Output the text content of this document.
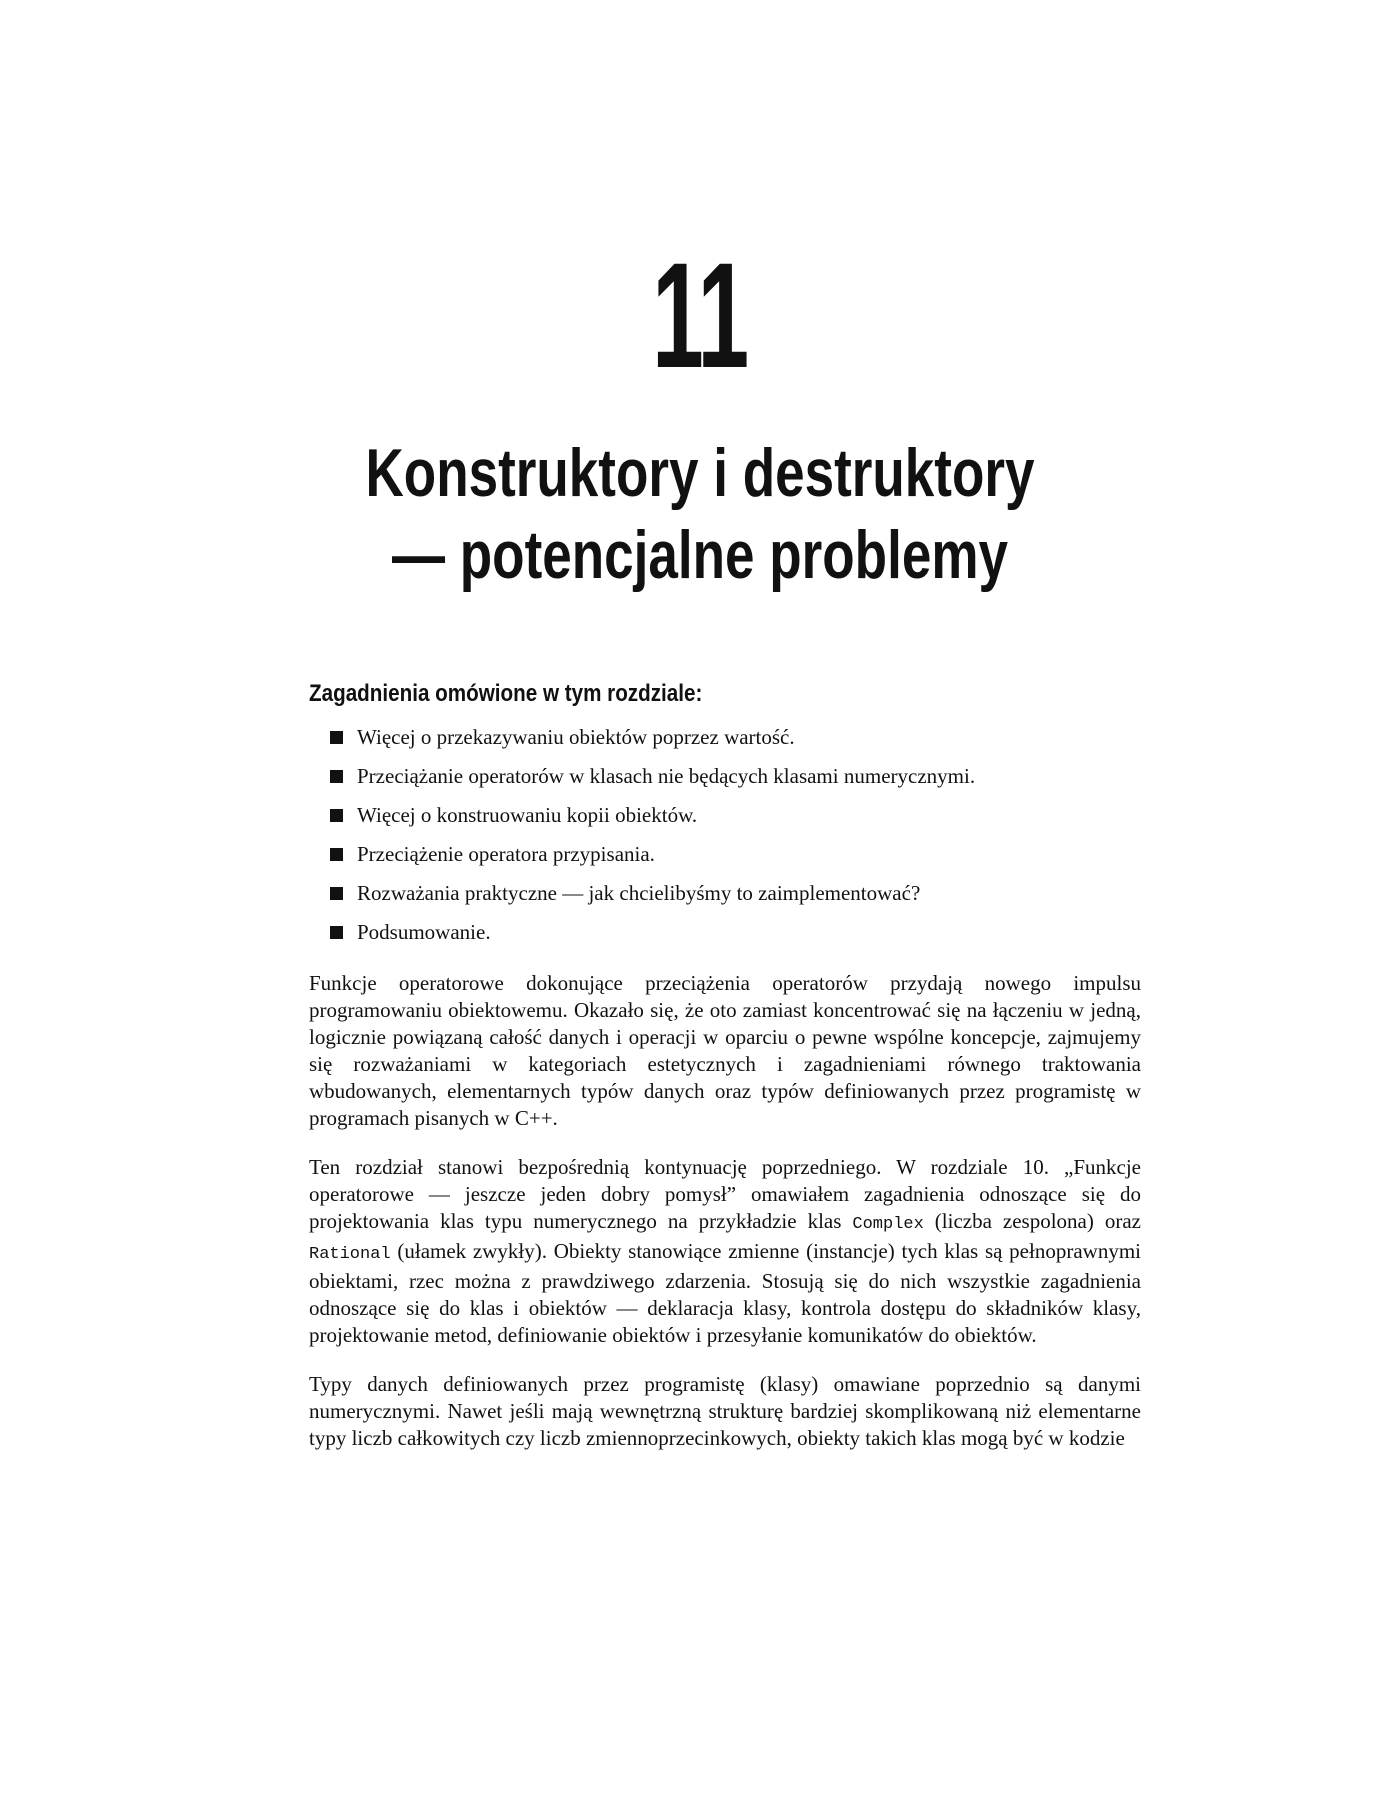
11
Konstruktory i destruktory
— potencjalne problemy
Zagadnienia omówione w tym rozdziale:
Więcej o przekazywaniu obiektów poprzez wartość.
Przeciążanie operatorów w klasach nie będących klasami numerycznymi.
Więcej o konstruowaniu kopii obiektów.
Przeciążenie operatora przypisania.
Rozważania praktyczne — jak chcielibyśmy to zaimplementować?
Podsumowanie.

Funkcje operatorowe dokonujące przeciążenia operatorów przydają nowego impulsu programowaniu obiektowemu. Okazało się, że oto zamiast koncentrować się na łączeniu w jedną, logicznie powiązaną całość danych i operacji w oparciu o pewne wspólne koncepcje, zajmujemy się rozważaniami w kategoriach estetycznych i zagadnieniami równego traktowania wbudowanych, elementarnych typów danych oraz typów definiowanych przez programistę w programach pisanych w C++.

Ten rozdział stanowi bezpośrednią kontynuację poprzedniego. W rozdziale 10. „Funkcje operatorowe — jeszcze jeden dobry pomysł” omawiałem zagadnienia odnoszące się do projektowania klas typu numerycznego na przykładzie klas Complex (liczba zespolona) oraz Rational (ułamek zwykły). Obiekty stanowiące zmienne (instancje) tych klas są pełnoprawnymi obiektami, rzec można z prawdziwego zdarzenia. Stosują się do nich wszystkie zagadnienia odnoszące się do klas i obiektów — deklaracja klasy, kontrola dostępu do składników klasy, projektowanie metod, definiowanie obiektów i przesyłanie komunikatów do obiektów.

Typy danych definiowanych przez programistę (klasy) omawiane poprzednio są danymi numerycznymi. Nawet jeśli mają wewnętrzną strukturę bardziej skomplikowaną niż elementarne typy liczb całkowitych czy liczb zmiennoprzecinkowych, obiekty takich klas mogą być w kodzie
